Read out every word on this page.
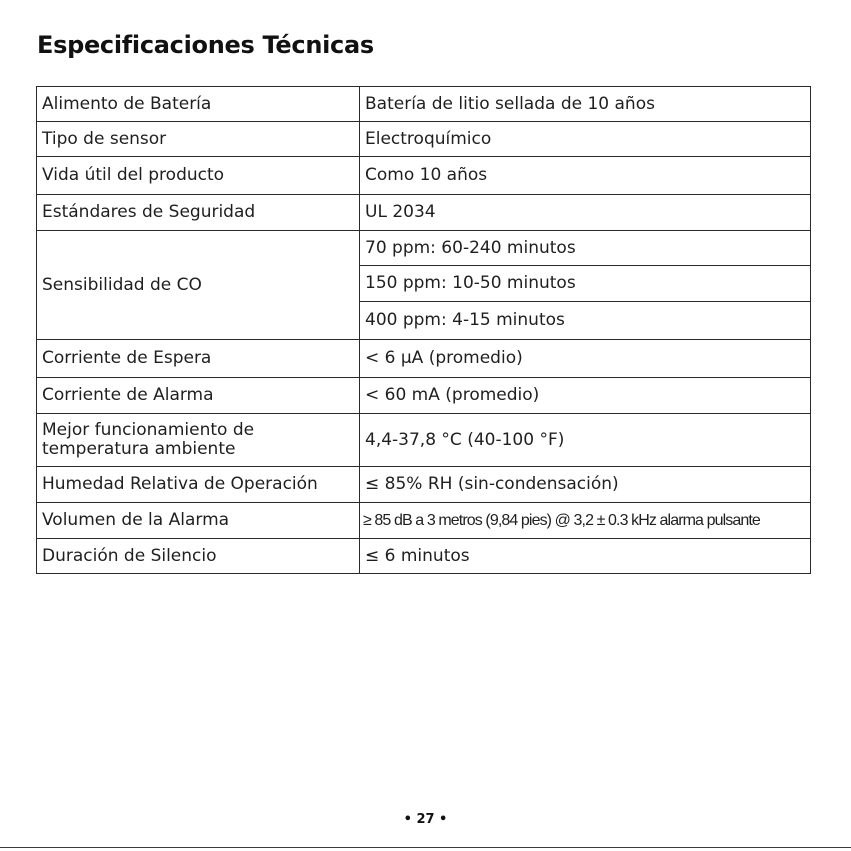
Especificaciones Técnicas
Alimento de Batería	Batería de litio sellada de 10 años
Tipo de sensor	Electroquímico
Vida útil del producto	Como 10 años
Estándares de Seguridad	UL 2034
Sensibilidad de CO	70 ppm: 60-240 minutos
	150 ppm: 10-50 minutos
	400 ppm: 4-15 minutos
Corriente de Espera	< 6 μA (promedio)
Corriente de Alarma	< 60 mA (promedio)
Mejor funcionamiento de temperatura ambiente	4,4-37,8 °C (40-100 °F)
Humedad Relativa de Operación	≤ 85% RH (sin-condensación)
Volumen de la Alarma	≥ 85 dB a 3 metros (9,84 pies) @ 3,2 ± 0.3 kHz alarma pulsante
Duración de Silencio	≤ 6 minutos
• 27 •
